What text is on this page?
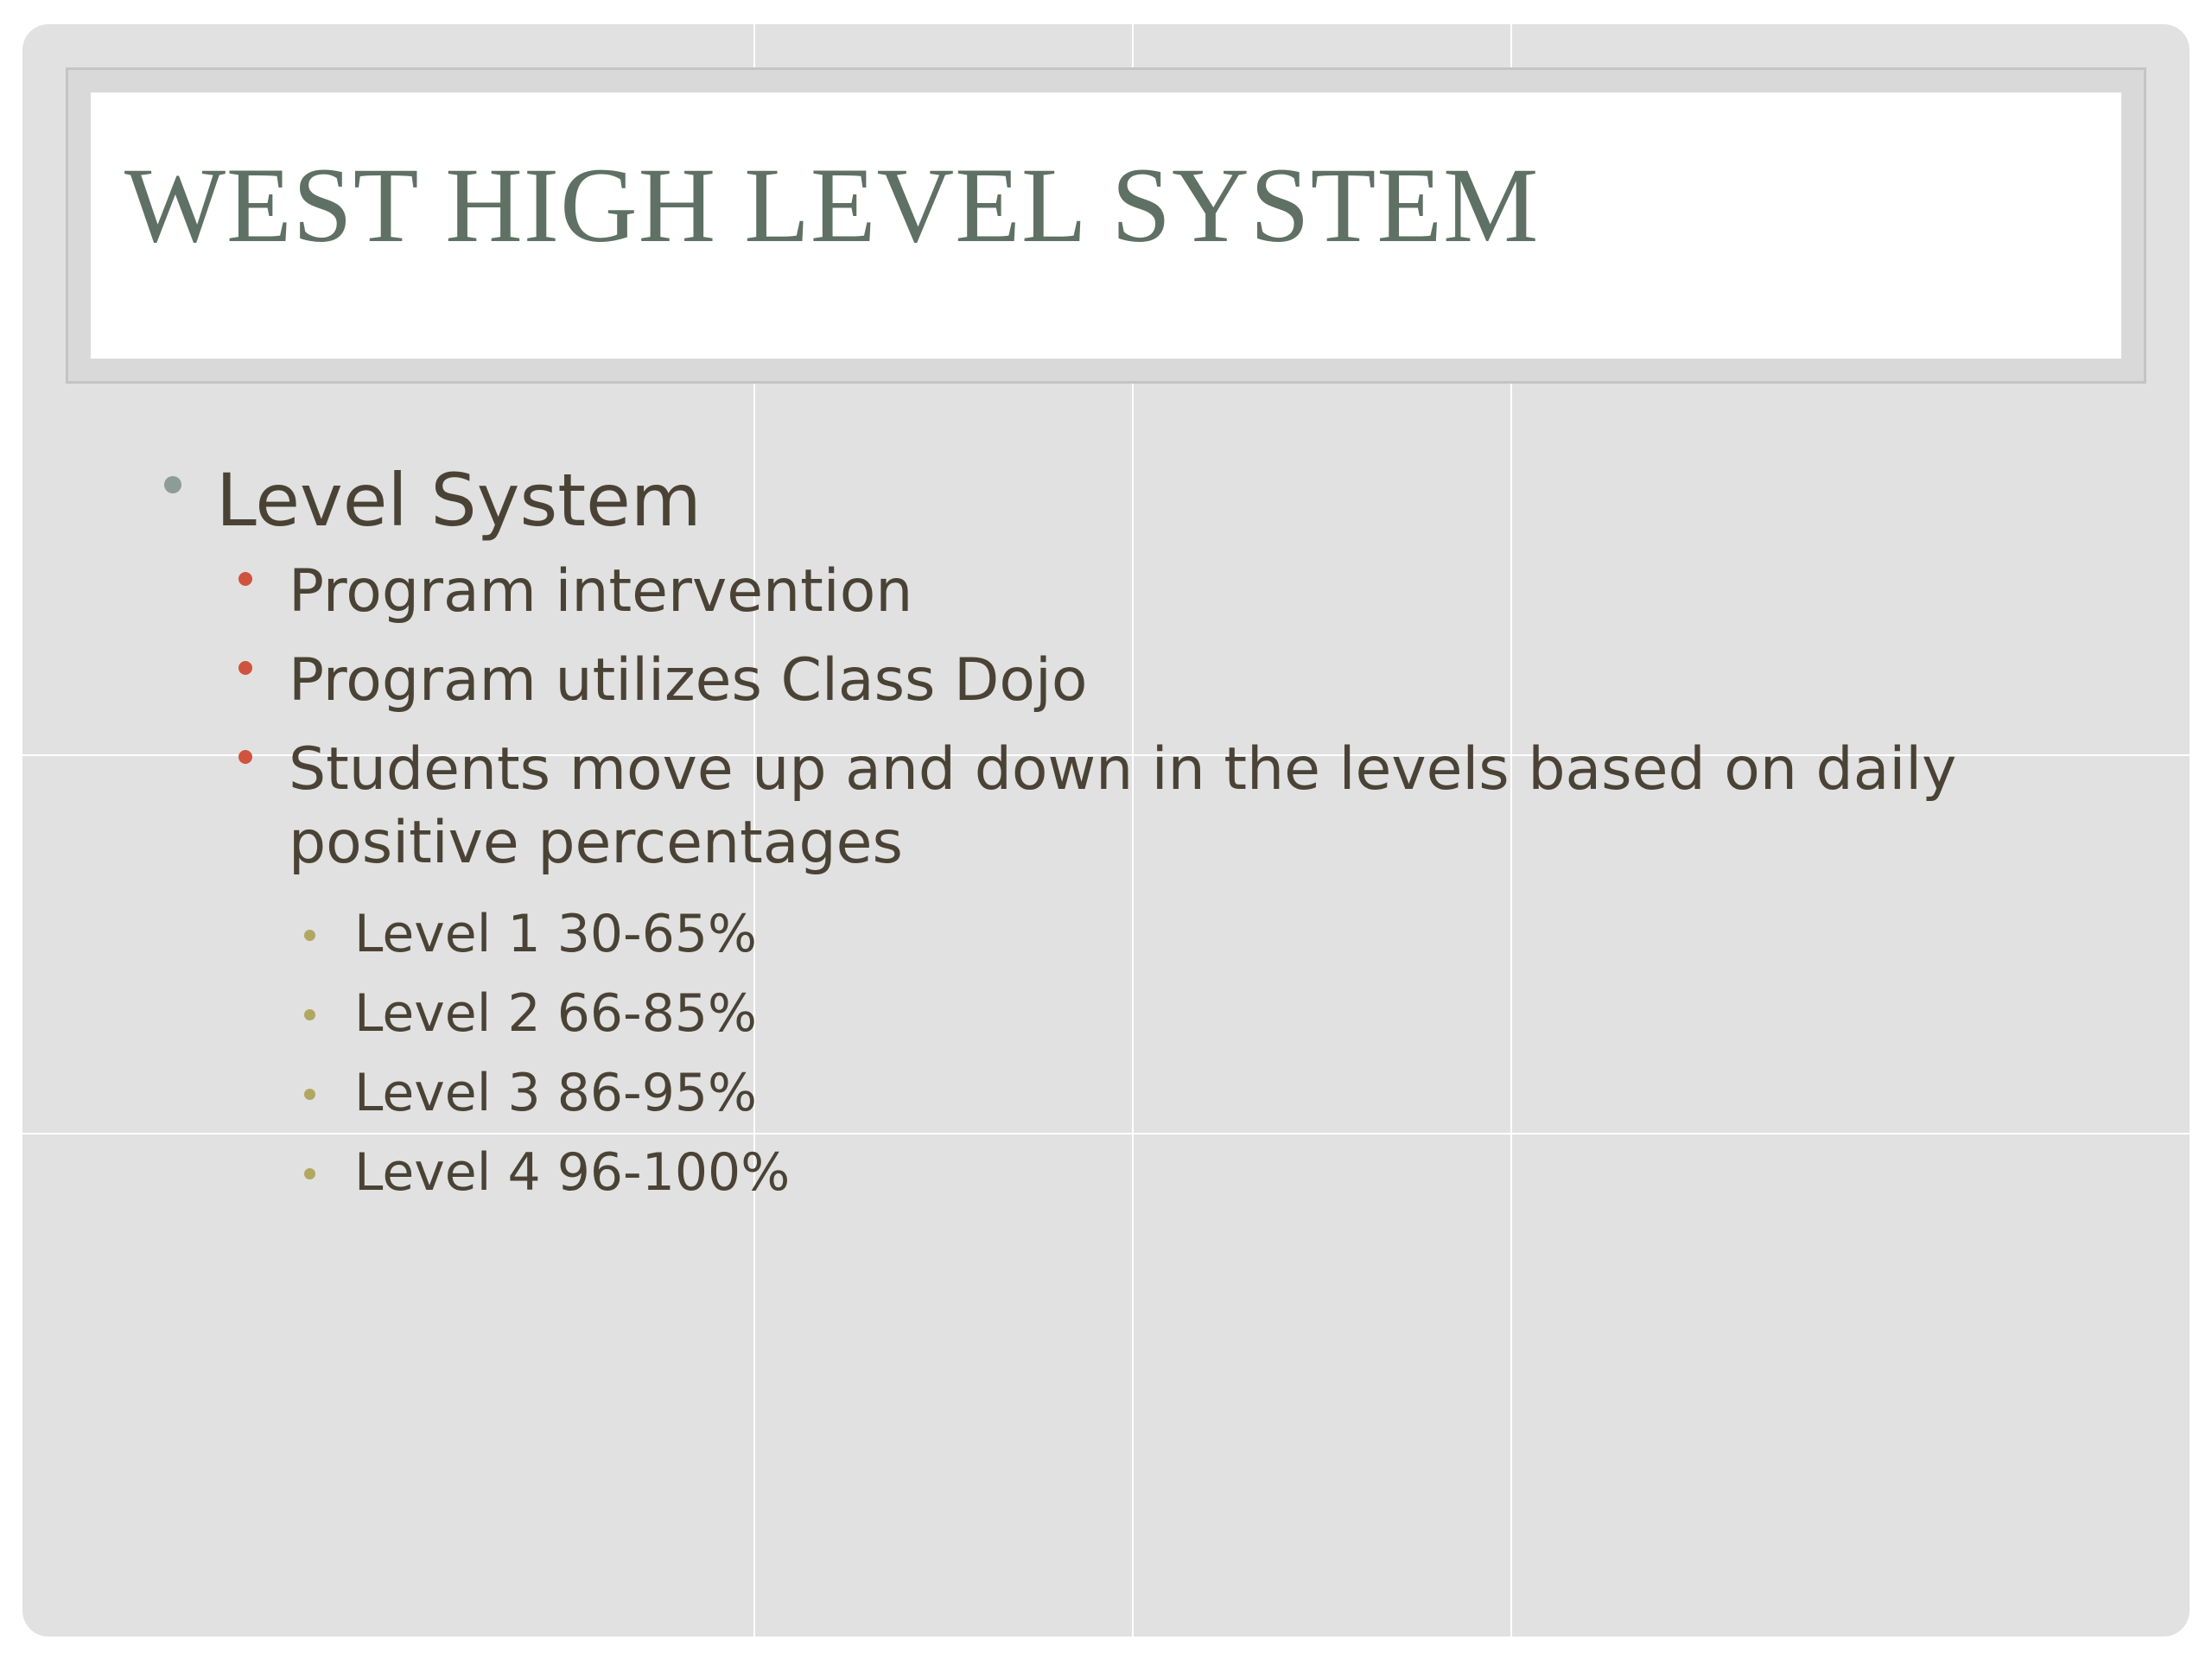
WEST HIGH LEVEL SYSTEM
Level System
Program intervention
Program utilizes Class Dojo
Students move up and down in the levels based on daily
positive percentages
Level 1 30-65%
Level 2 66-85%
Level 3 86-95%
Level 4 96-100%
